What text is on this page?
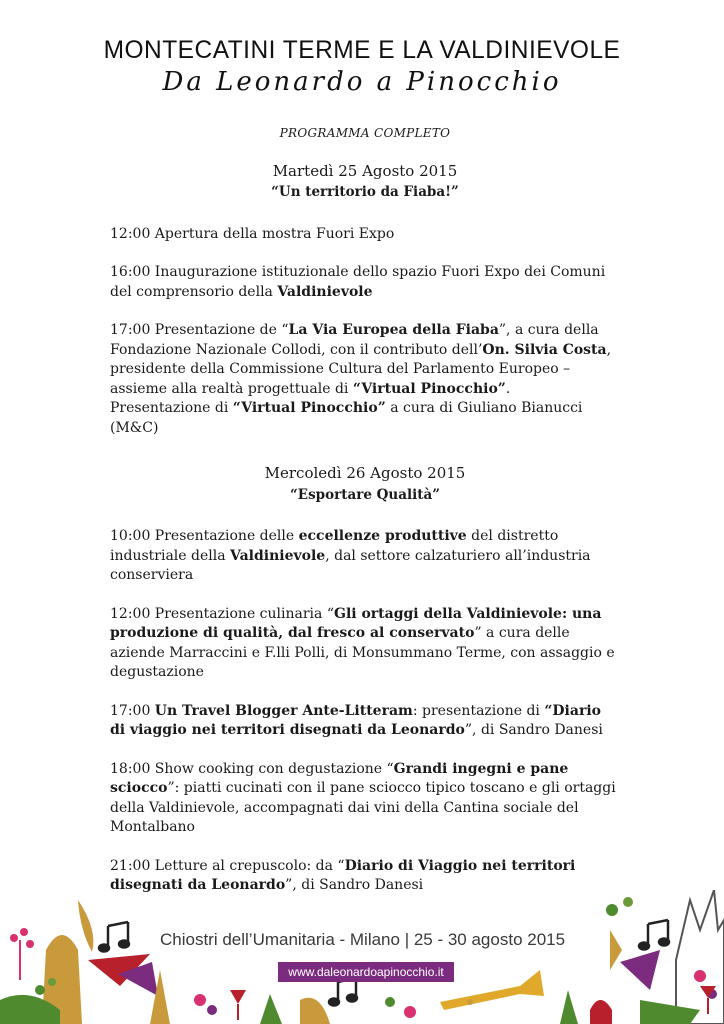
MONTECATINI TERME E LA VALDINIEVOLE
Da Leonardo a Pinocchio
PROGRAMMA COMPLETO
Martedì 25 Agosto 2015
“Un territorio da Fiaba!”
12:00 Apertura della mostra Fuori Expo
16:00 Inaugurazione istituzionale dello spazio Fuori Expo dei Comuni del comprensorio della Valdinievole
17:00 Presentazione de “La Via Europea della Fiaba”, a cura della Fondazione Nazionale Collodi, con il contributo dell’On. Silvia Costa, presidente della Commissione Cultura del Parlamento Europeo – assieme alla realtà progettuale di “Virtual Pinocchio”.
Presentazione di “Virtual Pinocchio” a cura di Giuliano Bianucci (M&C)
Mercoledì 26 Agosto 2015
“Esportare Qualità”
10:00 Presentazione delle eccellenze produttive del distretto industriale della Valdinievole, dal settore calzaturiero all’industria conserviera
12:00 Presentazione culinaria “Gli ortaggi della Valdinievole: una produzione di qualità, dal fresco al conservato” a cura delle aziende Marraccini e F.lli Polli, di Monsummano Terme, con assaggio e degustazione
17:00 Un Travel Blogger Ante-Litteram: presentazione di “Diario di viaggio nei territori disegnati da Leonardo”, di Sandro Danesi
18:00 Show cooking con degustazione “Grandi ingegni e pane sciocco”: piatti cucinati con il pane sciocco tipico toscano e gli ortaggi della Valdinievole, accompagnati dai vini della Cantina sociale del Montalbano
21:00 Letture al crepuscolo: da “Diario di Viaggio nei territori disegnati da Leonardo”, di Sandro Danesi
Chiostri dell’Umanitaria - Milano | 25 - 30 agosto 2015
www.daleonardoapinocchio.it
